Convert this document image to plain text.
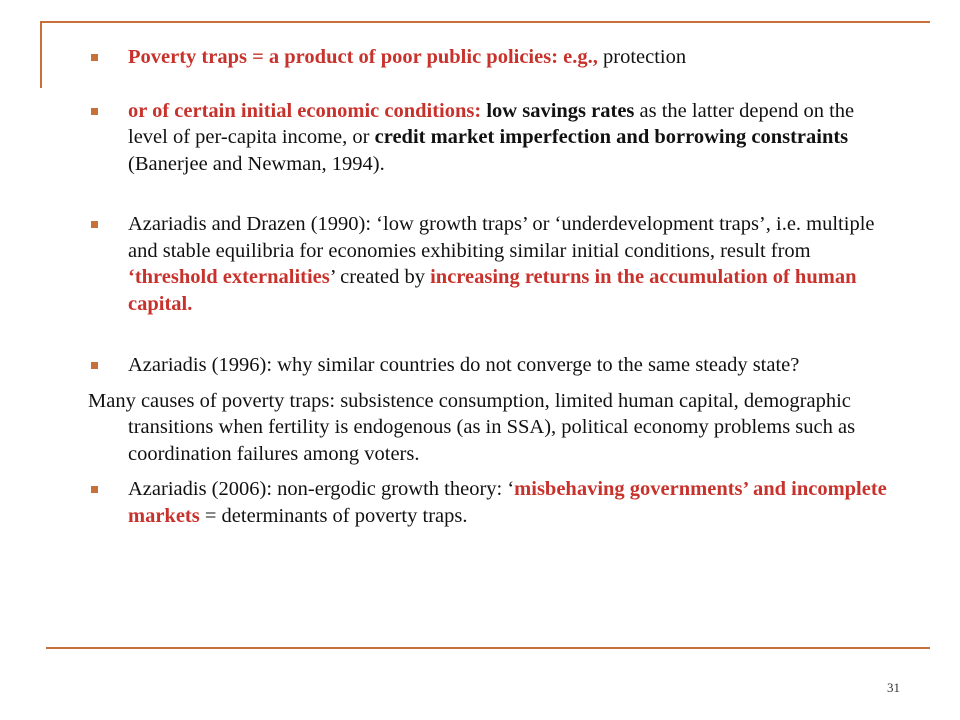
Poverty traps = a product of poor public policies: e.g., protection

or of certain initial economic conditions: low savings rates as the latter depend on the level of per-capita income, or credit market imperfection and borrowing constraints (Banerjee and Newman, 1994).

Azariadis and Drazen (1990): ‘low growth traps’ or ‘underdevelopment traps’, i.e. multiple and stable equilibria for economies exhibiting similar initial conditions, result from ‘threshold externalities’ created by increasing returns in the accumulation of human capital.

Azariadis (1996): why similar countries do not converge to the same steady state?

Many causes of poverty traps: subsistence consumption, limited human capital, demographic transitions when fertility is endogenous (as in SSA), political economy problems such as coordination failures among voters.

Azariadis (2006): non-ergodic growth theory: ‘misbehaving governments’ and incomplete markets = determinants of poverty traps.

31
